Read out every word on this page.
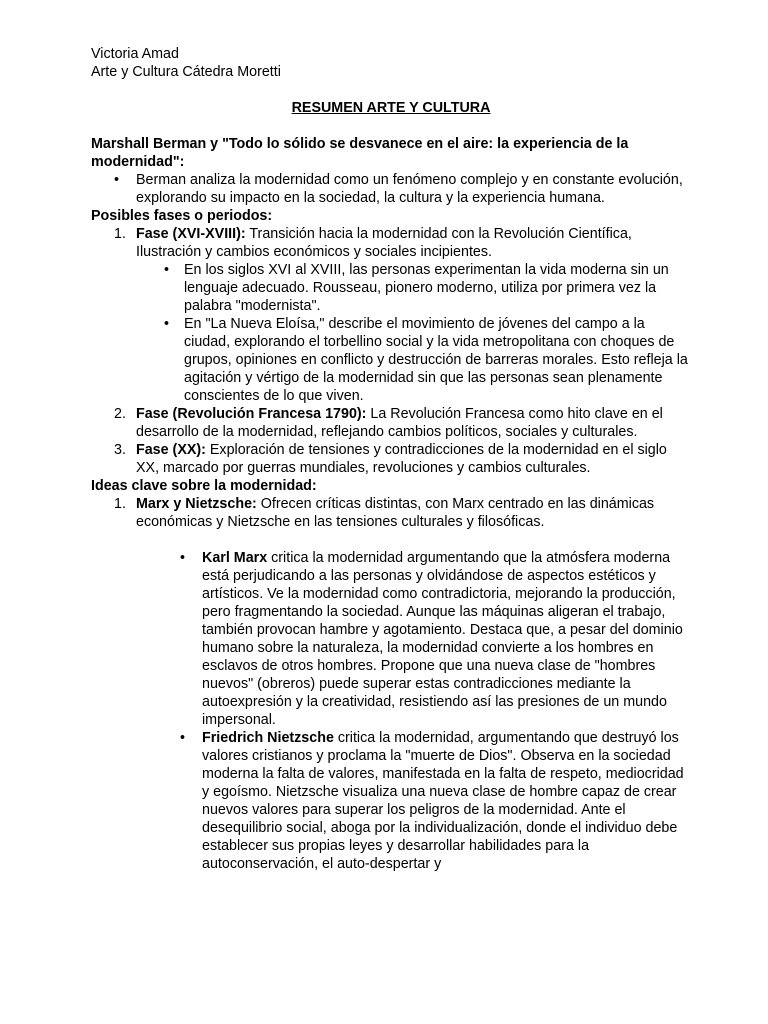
Victoria Amad

Arte y Cultura Cátedra Moretti

RESUMEN ARTE Y CULTURA

Marshall Berman y "Todo lo sólido se desvanece en el aire: la experiencia de la modernidad":

• Berman analiza la modernidad como un fenómeno complejo y en constante evolución, explorando su impacto en la sociedad, la cultura y la experiencia humana.

Posibles fases o periodos:

1. Fase (XVI-XVIII): Transición hacia la modernidad con la Revolución Científica, Ilustración y cambios económicos y sociales incipientes.
• En los siglos XVI al XVIII, las personas experimentan la vida moderna sin un lenguaje adecuado. Rousseau, pionero moderno, utiliza por primera vez la palabra "modernista".
• En "La Nueva Eloísa," describe el movimiento de jóvenes del campo a la ciudad, explorando el torbellino social y la vida metropolitana con choques de grupos, opiniones en conflicto y destrucción de barreras morales. Esto refleja la agitación y vértigo de la modernidad sin que las personas sean plenamente conscientes de lo que viven.
2. Fase (Revolución Francesa 1790): La Revolución Francesa como hito clave en el desarrollo de la modernidad, reflejando cambios políticos, sociales y culturales.
3. Fase (XX): Exploración de tensiones y contradicciones de la modernidad en el siglo XX, marcado por guerras mundiales, revoluciones y cambios culturales.

Ideas clave sobre la modernidad:

1. Marx y Nietzsche: Ofrecen críticas distintas, con Marx centrado en las dinámicas económicas y Nietzsche en las tensiones culturales y filosóficas.
• Karl Marx critica la modernidad argumentando que la atmósfera moderna está perjudicando a las personas y olvidándose de aspectos estéticos y artísticos. Ve la modernidad como contradictoria, mejorando la producción, pero fragmentando la sociedad. Aunque las máquinas aligeran el trabajo, también provocan hambre y agotamiento. Destaca que, a pesar del dominio humano sobre la naturaleza, la modernidad convierte a los hombres en esclavos de otros hombres. Propone que una nueva clase de "hombres nuevos" (obreros) puede superar estas contradicciones mediante la autoexpresión y la creatividad, resistiendo así las presiones de un mundo impersonal.
• Friedrich Nietzsche critica la modernidad, argumentando que destruyó los valores cristianos y proclama la "muerte de Dios". Observa en la sociedad moderna la falta de valores, manifestada en la falta de respeto, mediocridad y egoísmo. Nietzsche visualiza una nueva clase de hombre capaz de crear nuevos valores para superar los peligros de la modernidad. Ante el desequilibrio social, aboga por la individualización, donde el individuo debe establecer sus propias leyes y desarrollar habilidades para la autoconservación, el auto-despertar y
